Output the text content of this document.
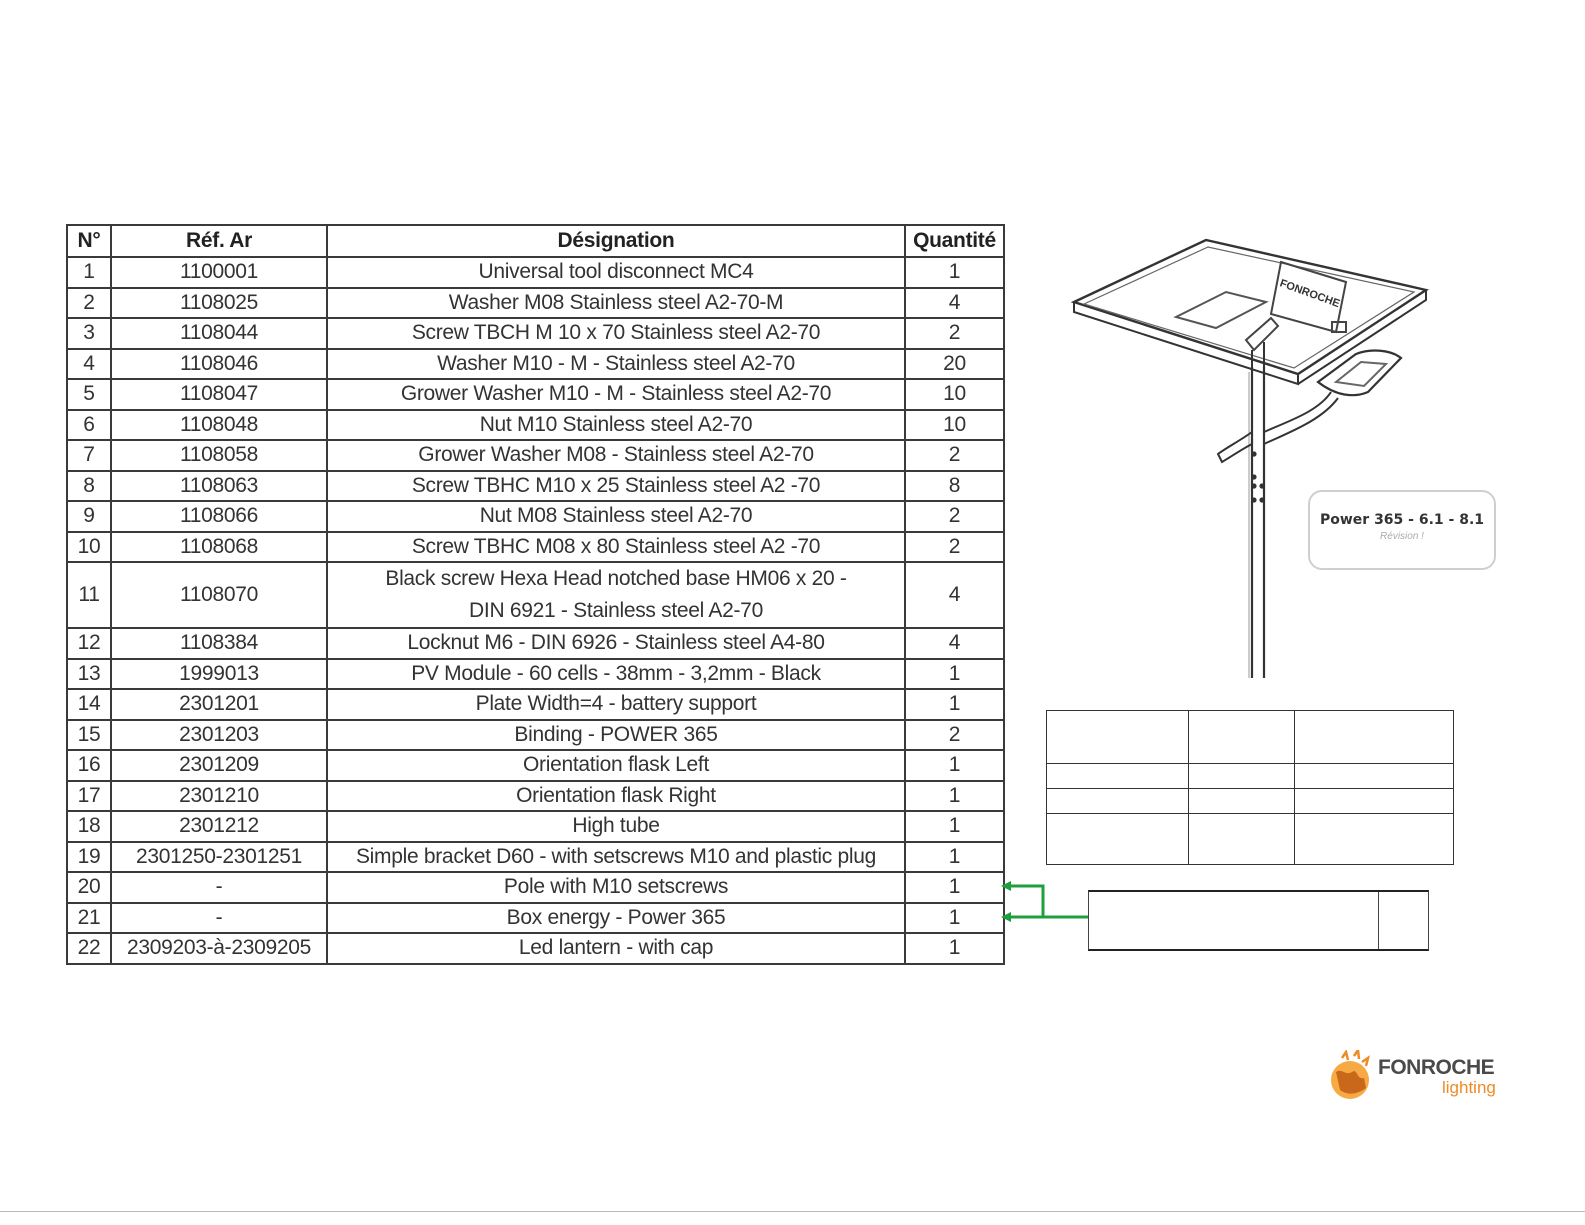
N°	Réf. Ar	Désignation	Quantité
1	1100001	Universal tool disconnect MC4	1
2	1108025	Washer M08 Stainless steel A2-70-M	4
3	1108044	Screw TBCH M 10 x 70 Stainless steel A2-70	2
4	1108046	Washer M10 - M - Stainless steel A2-70	20
5	1108047	Grower Washer M10 - M - Stainless steel A2-70	10
6	1108048	Nut M10 Stainless steel A2-70	10
7	1108058	Grower Washer M08 - Stainless steel A2-70	2
8	1108063	Screw TBHC M10 x 25 Stainless steel A2 -70	8
9	1108066	Nut M08 Stainless steel A2-70	2
10	1108068	Screw TBHC M08 x 80 Stainless steel A2 -70	2
11	1108070	Black screw Hexa Head notched base HM06 x 20 -
DIN 6921 - Stainless steel A2-70	4
12	1108384	Locknut M6 - DIN 6926 - Stainless steel A4-80	4
13	1999013	PV Module - 60 cells - 38mm - 3,2mm - Black	1
14	2301201	Plate Width=4 - battery support	1
15	2301203	Binding - POWER 365	2
16	2301209	Orientation flask Left	1
17	2301210	Orientation flask Right	1
18	2301212	High tube	1
19	2301250-2301251	Simple bracket D60 - with setscrews M10 and plastic plug	1
20	-	Pole with M10 setscrews	1
21	-	Box energy - Power 365	1
22	2309203-à-2309205	Led lantern - with cap	1
FONROCHE
Power 365 - 6.1 - 8.1
Révision !

FONROCHE
lighting
